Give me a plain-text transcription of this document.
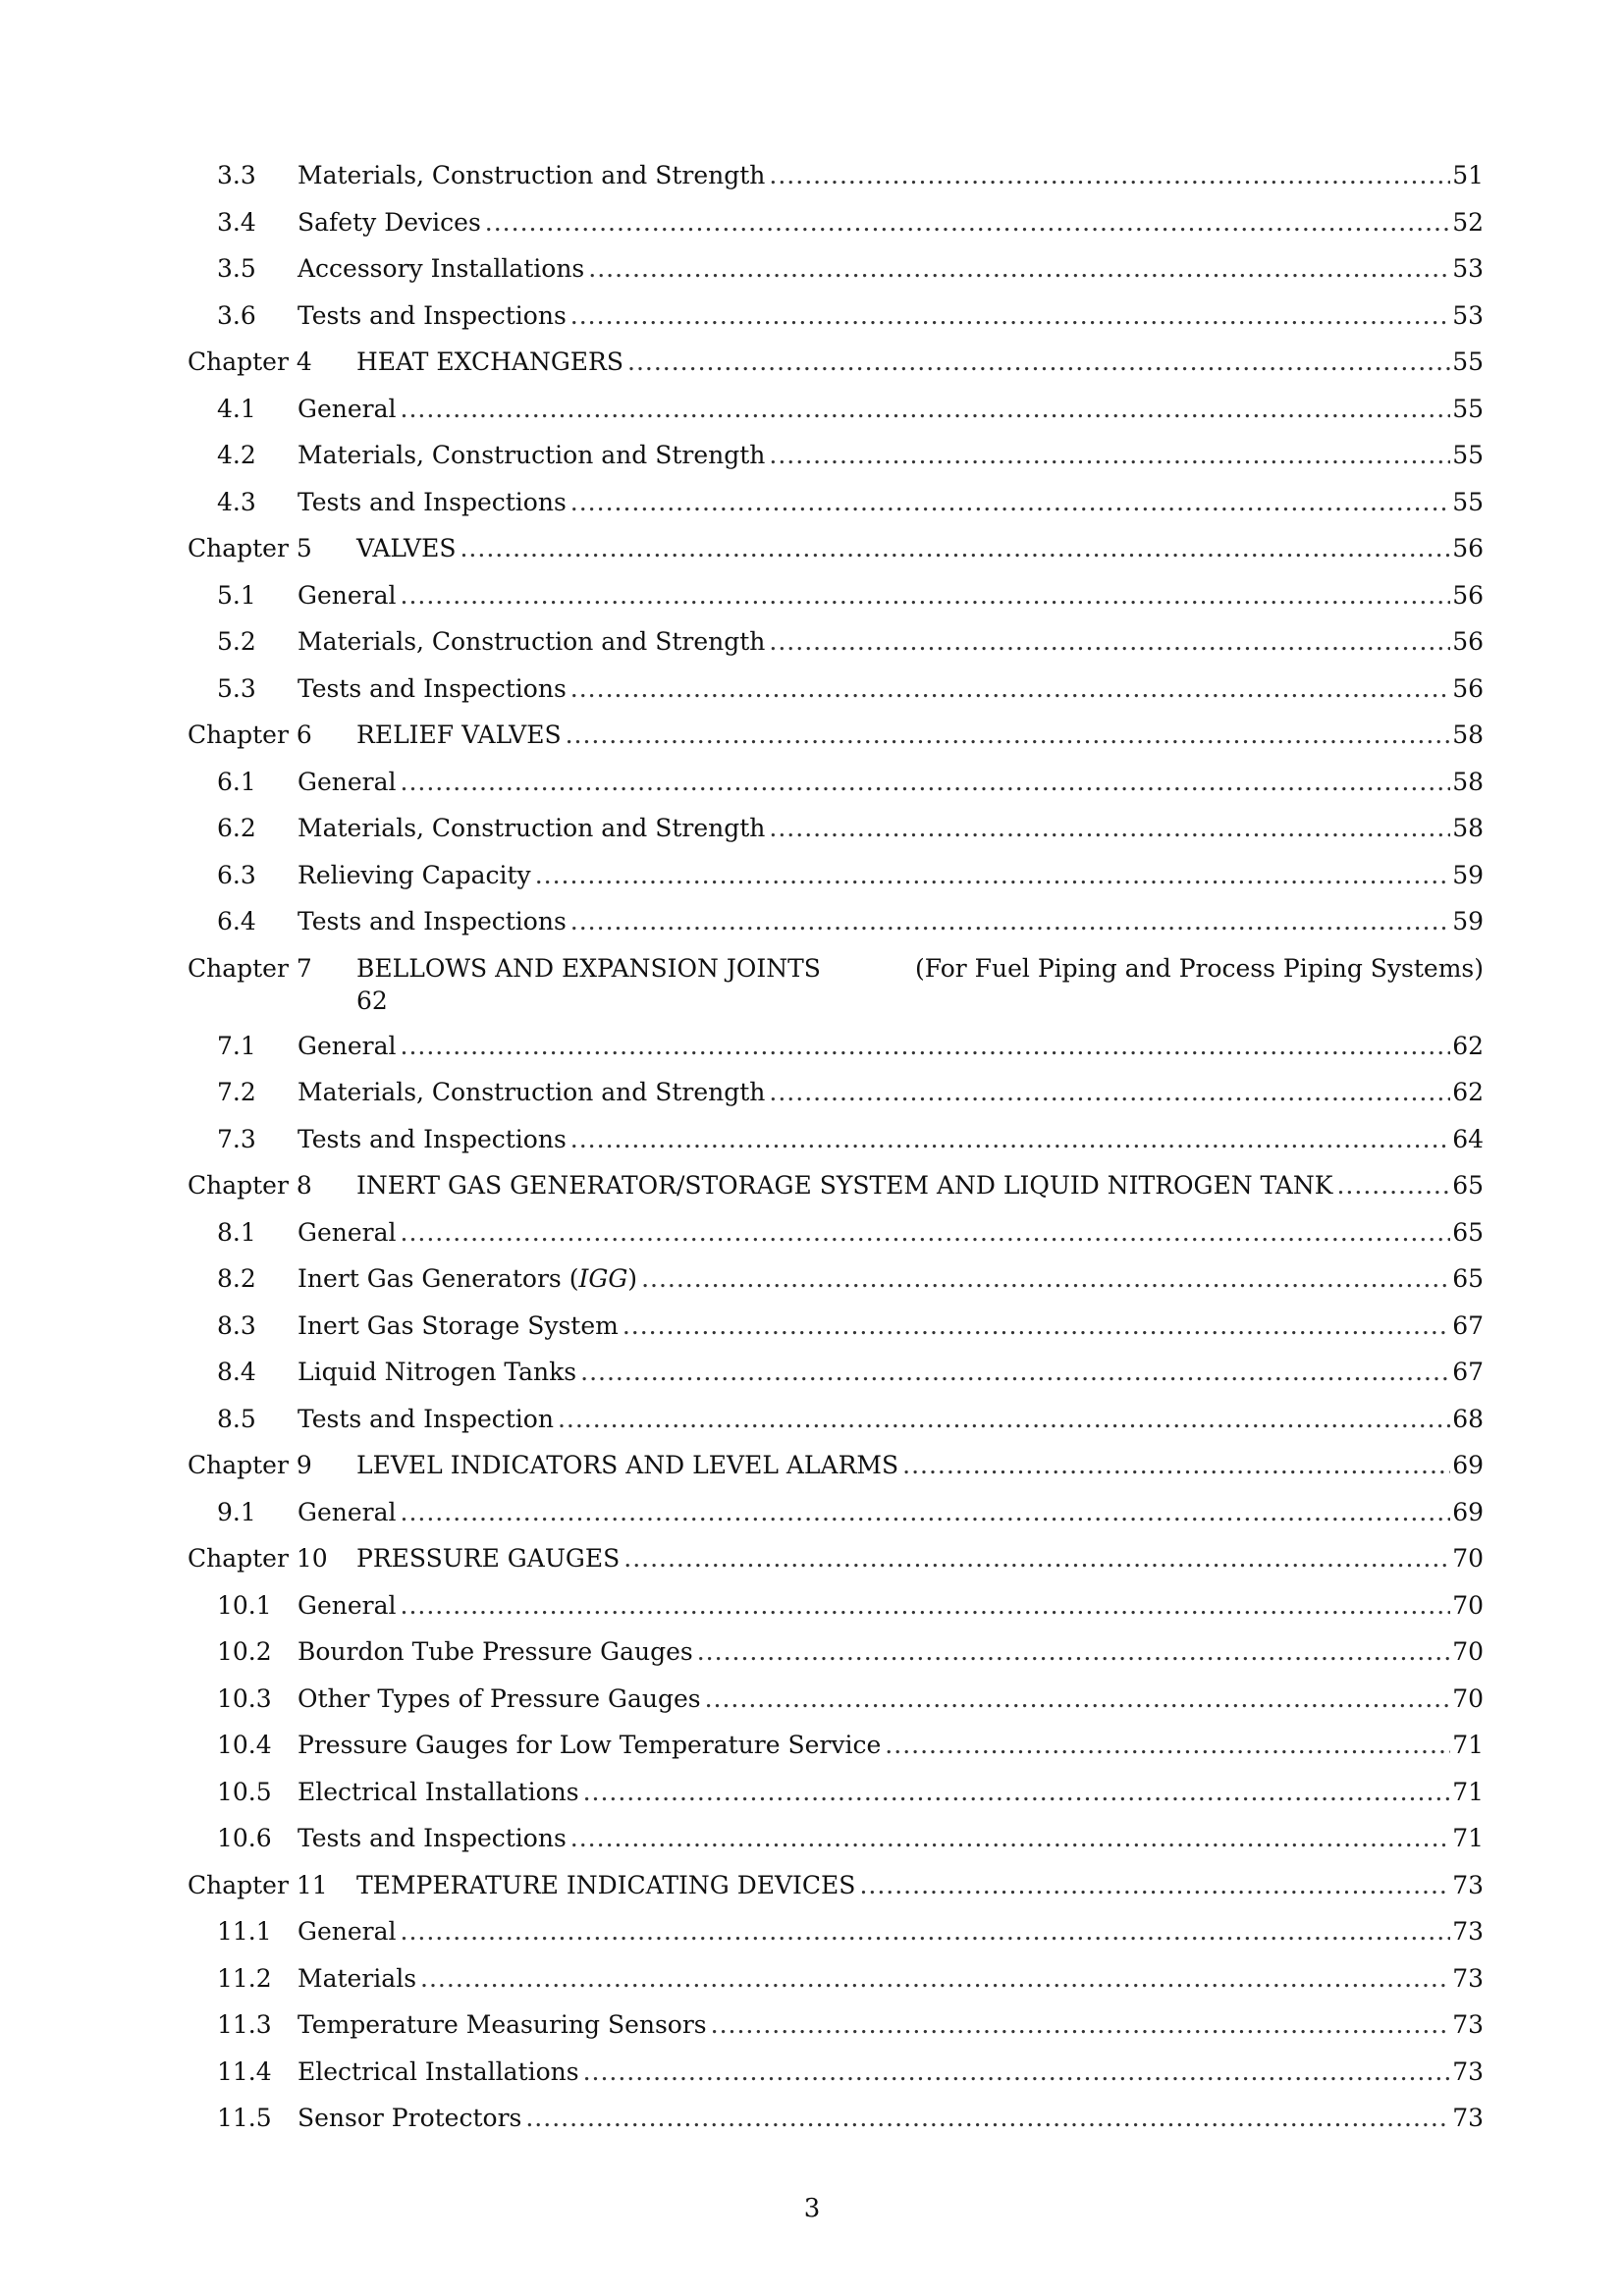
3.3 Materials, Construction and Strength .....	51
3.4 Safety Devices .....	52
3.5 Accessory Installations .....	53
3.6 Tests and Inspections .....	53
Chapter 4 HEAT EXCHANGERS .....	55
4.1 General .....	55
4.2 Materials, Construction and Strength .....	55
4.3 Tests and Inspections .....	55
Chapter 5 VALVES .....	56
5.1 General .....	56
5.2 Materials, Construction and Strength .....	56
5.3 Tests and Inspections .....	56
Chapter 6 RELIEF VALVES .....	58
6.1 General .....	58
6.2 Materials, Construction and Strength .....	58
6.3 Relieving Capacity .....	59
6.4 Tests and Inspections .....	59
Chapter 7 BELLOWS AND EXPANSION JOINTS	(For Fuel Piping and Process Piping Systems)
62
7.1 General .....	62
7.2 Materials, Construction and Strength .....	62
7.3 Tests and Inspections .....	64
Chapter 8 INERT GAS GENERATOR/STORAGE SYSTEM AND LIQUID NITROGEN TANK .....	65
8.1 General .....	65
8.2 Inert Gas Generators (IGG) .....	65
8.3 Inert Gas Storage System .....	67
8.4 Liquid Nitrogen Tanks .....	67
8.5 Tests and Inspection .....	68
Chapter 9 LEVEL INDICATORS AND LEVEL ALARMS .....	69
9.1 General .....	69
Chapter 10 PRESSURE GAUGES .....	70
10.1 General .....	70
10.2 Bourdon Tube Pressure Gauges .....	70
10.3 Other Types of Pressure Gauges .....	70
10.4 Pressure Gauges for Low Temperature Service .....	71
10.5 Electrical Installations .....	71
10.6 Tests and Inspections .....	71
Chapter 11 TEMPERATURE INDICATING DEVICES .....	73
11.1 General .....	73
11.2 Materials .....	73
11.3 Temperature Measuring Sensors .....	73
11.4 Electrical Installations .....	73
11.5 Sensor Protectors .....	73
3
